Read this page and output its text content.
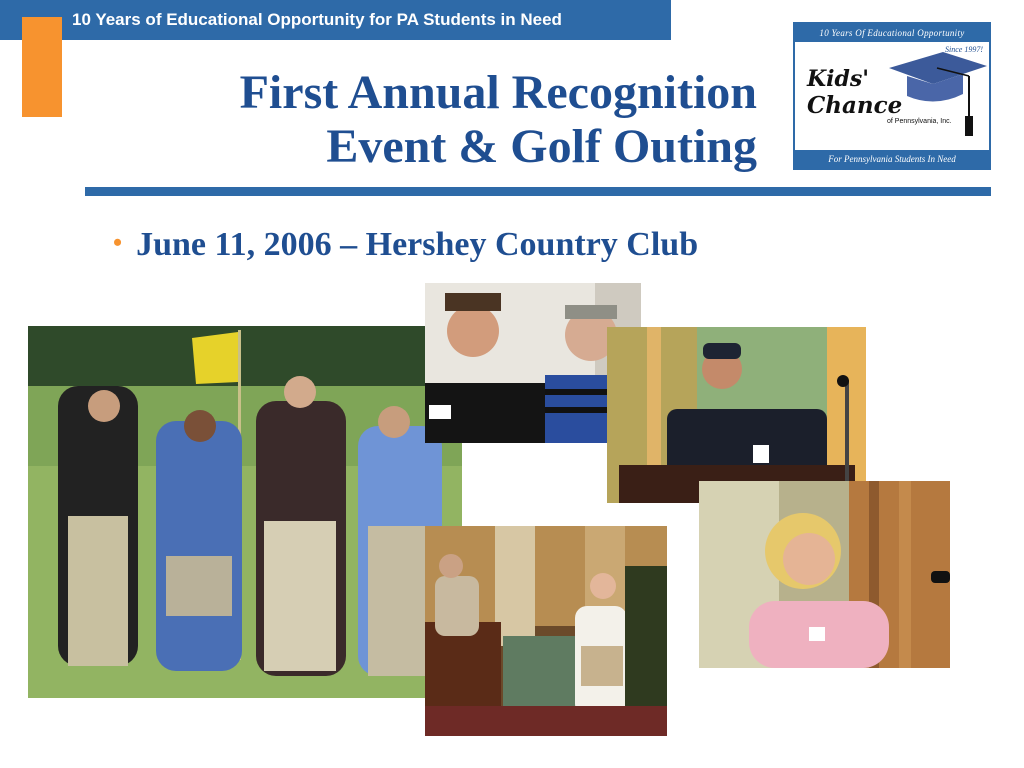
10 Years of Educational Opportunity for PA Students in Need
First Annual Recognition
Event & Golf Outing
10 Years Of Educational Opportunity
Since 1997!
Kids'
Chance
of Pennsylvania, Inc.
For Pennsylvania Students In Need
• June 11, 2006 – Hershey Country Club
